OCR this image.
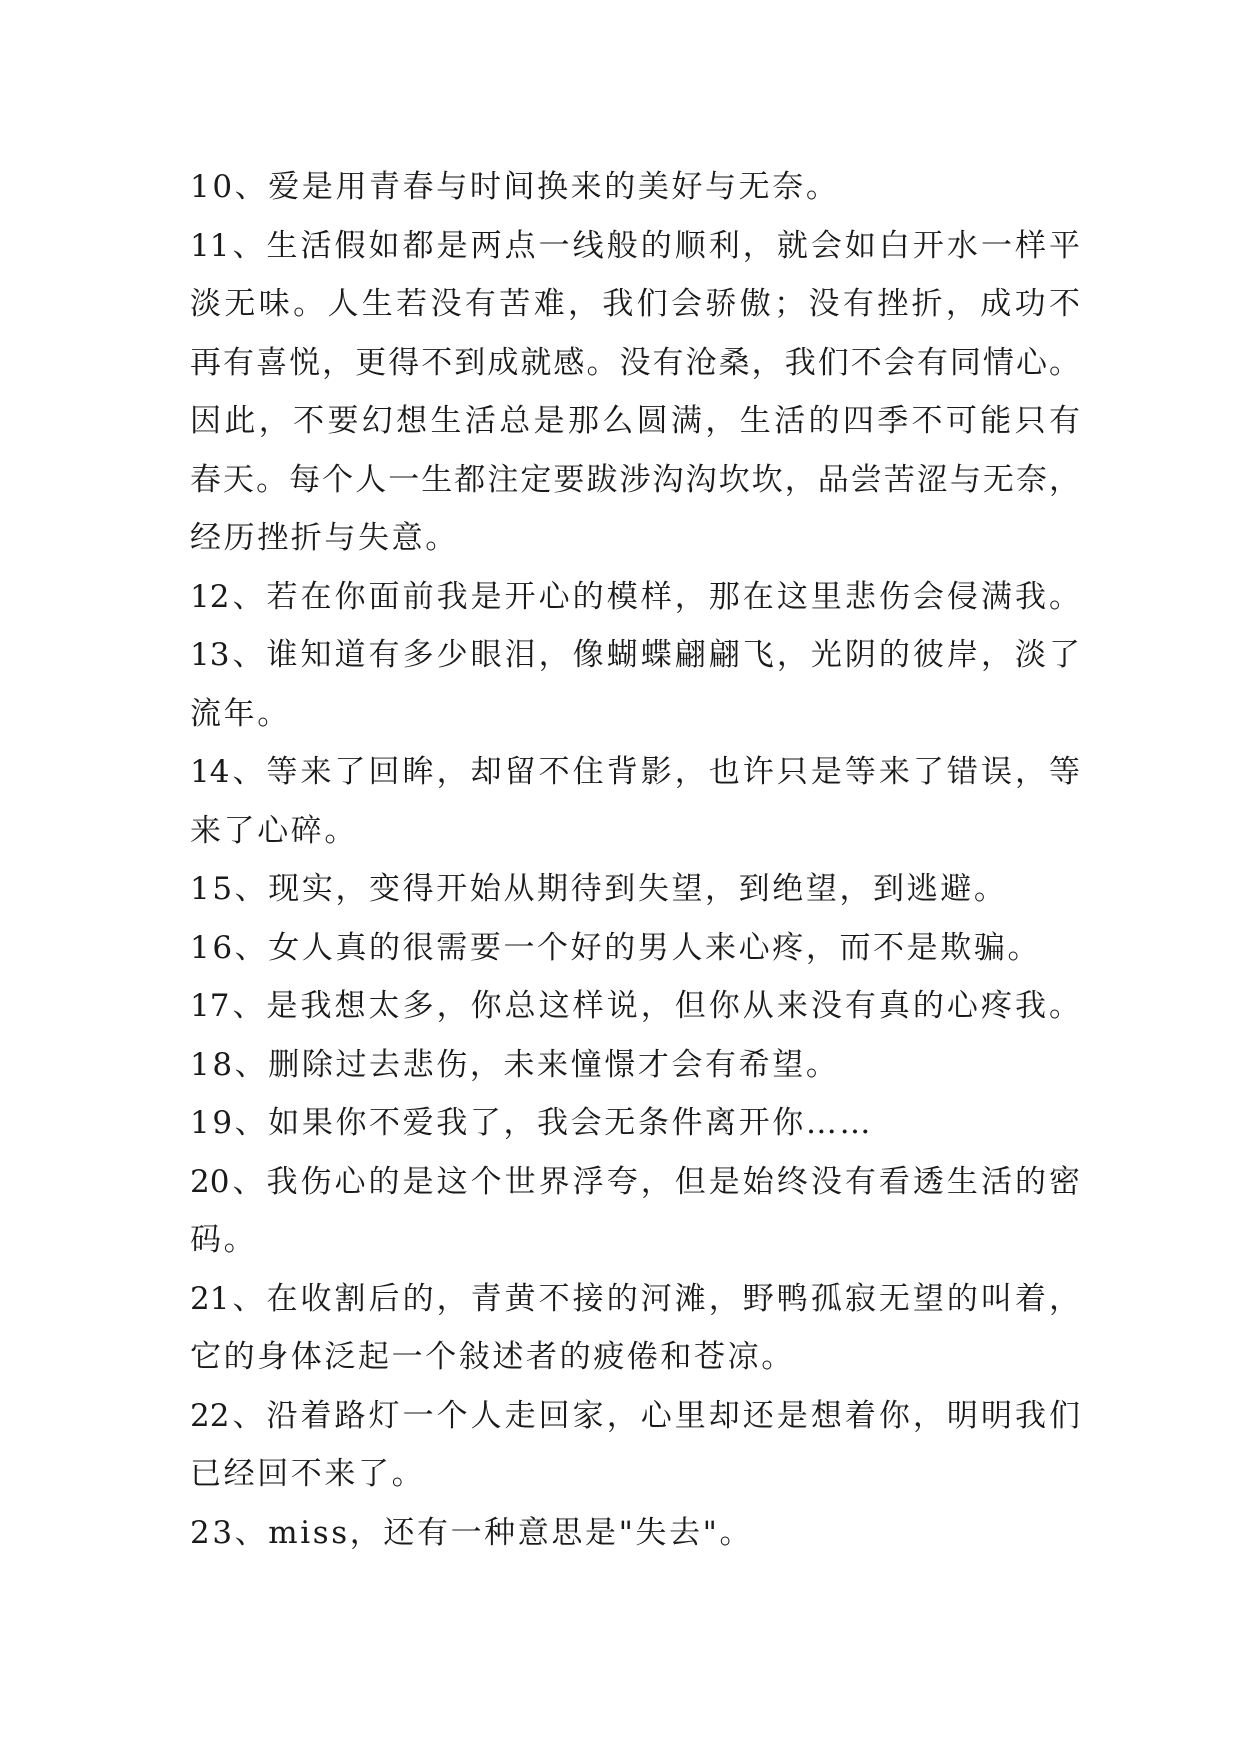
10、爱是用青春与时间换来的美好与无奈。
11、生活假如都是两点一线般的顺利，就会如白开水一样平
淡无味。人生若没有苦难，我们会骄傲；没有挫折，成功不
再有喜悦，更得不到成就感。没有沧桑，我们不会有同情心。
因此，不要幻想生活总是那么圆满，生活的四季不可能只有
春天。每个人一生都注定要跋涉沟沟坎坎，品尝苦涩与无奈，
经历挫折与失意。
12、若在你面前我是开心的模样，那在这里悲伤会侵满我。
13、谁知道有多少眼泪，像蝴蝶翩翩飞，光阴的彼岸，淡了
流年。
14、等来了回眸，却留不住背影，也许只是等来了错误，等
来了心碎。
15、现实，变得开始从期待到失望，到绝望，到逃避。
16、女人真的很需要一个好的男人来心疼，而不是欺骗。
17、是我想太多，你总这样说，但你从来没有真的心疼我。
18、删除过去悲伤，未来憧憬才会有希望。
19、如果你不爱我了，我会无条件离开你……
20、我伤心的是这个世界浮夸，但是始终没有看透生活的密
码。
21、在收割后的，青黄不接的河滩，野鸭孤寂无望的叫着，
它的身体泛起一个敍述者的疲倦和苍凉。
22、沿着路灯一个人走回家，心里却还是想着你，明明我们
已经回不来了。
23、miss，还有一种意思是"失去"。
